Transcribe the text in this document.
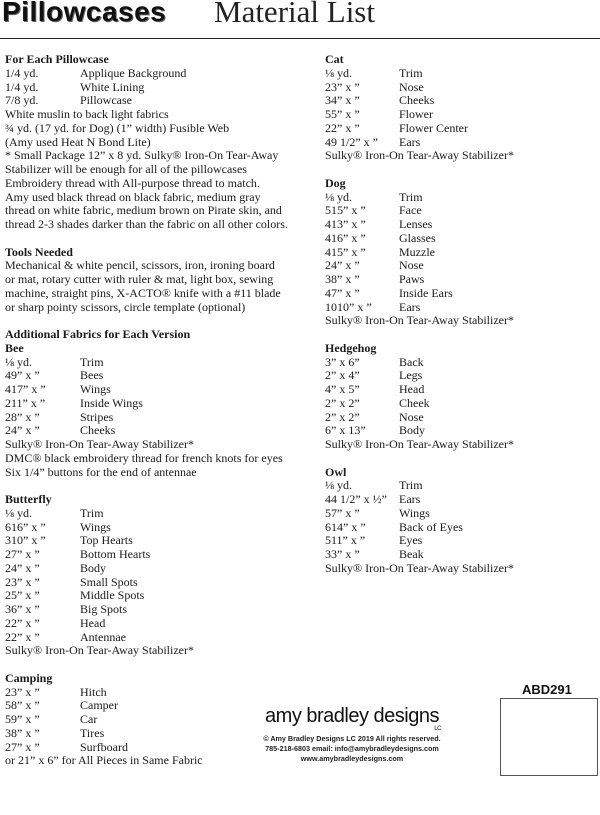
Pillowcases Material List
For Each Pillowcase
1/4 yd.	Applique Background
1/4 yd.	White Lining
7/8 yd.	Pillowcase
White muslin to back light fabrics
¾ yd. (17 yd. for Dog) (1” width) Fusible Web
(Amy used Heat N Bond Lite)
* Small Package 12” x 8 yd. Sulky® Iron-On Tear-Away
Stabilizer will be enough for all of the pillowcases
Embroidery thread with All-purpose thread to match.
Amy used black thread on black fabric, medium gray
thread on white fabric, medium brown on Pirate skin, and
thread 2-3 shades darker than the fabric on all other colors.
Tools Needed
Mechanical & white pencil, scissors, iron, ironing board
or mat, rotary cutter with ruler & mat, light box, sewing
machine, straight pins, X-ACTO® knife with a #11 blade
or sharp pointy scissors, circle template (optional)
Additional Fabrics for Each Version
Bee
⅛ yd.	Trim
49” x ”	Bees
417” x ”	Wings
211” x ”	Inside Wings
28” x ”	Stripes
24” x ”	Cheeks
Sulky® Iron-On Tear-Away Stabilizer*
DMC® black embroidery thread for french knots for eyes
Six 1/4” buttons for the end of antennae
Butterfly
⅛ yd.	Trim
616” x ”	Wings
310” x ”	Top Hearts
27” x ”	Bottom Hearts
24” x ”	Body
23” x ”	Small Spots
25” x ”	Middle Spots
36” x ”	Big Spots
22” x ”	Head
22” x ”	Antennae
Sulky® Iron-On Tear-Away Stabilizer*
Camping
23” x ”	Hitch
58” x ”	Camper
59” x ”	Car
38” x ”	Tires
27” x ”	Surfboard
or 21” x 6” for All Pieces in Same Fabric
Cat
⅛ yd.	Trim
23” x ”	Nose
34” x ”	Cheeks
55” x ”	Flower
22” x ”	Flower Center
49 1/2” x ”	Ears
Sulky® Iron-On Tear-Away Stabilizer*
Dog
⅛ yd.	Trim
515” x ”	Face
413” x ”	Lenses
416” x ”	Glasses
415” x ”	Muzzle
24” x ”	Nose
38” x ”	Paws
47” x ”	Inside Ears
1010” x ”	Ears
Sulky® Iron-On Tear-Away Stabilizer*
Hedgehog
3” x 6”	Back
2” x 4”	Legs
4” x 5”	Head
2” x 2”	Cheek
2” x 2”	Nose
6” x 13”	Body
Sulky® Iron-On Tear-Away Stabilizer*
Owl
⅛ yd.	Trim
44 1/2” x ½”	Ears
57” x ”	Wings
614” x ”	Back of Eyes
511” x ”	Eyes
33” x ”	Beak
Sulky® Iron-On Tear-Away Stabilizer*
ABD291
amy bradley designs
LC
© Amy Bradley Designs LC 2019 All rights reserved.
785-218-6803 email: info@amybradleydesigns.com
www.amybradleydesigns.com
